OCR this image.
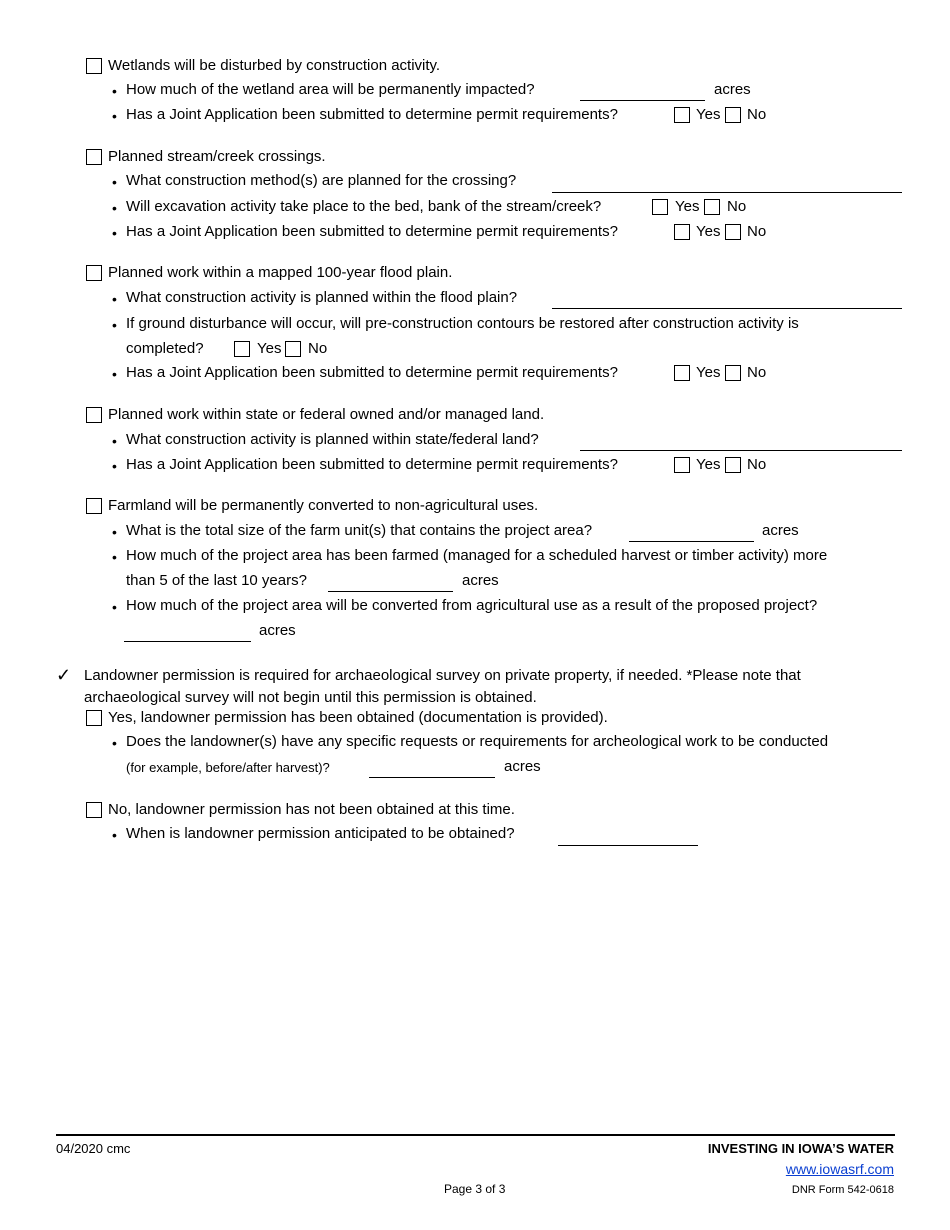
Wetlands will be disturbed by construction activity.
• How much of the wetland area will be permanently impacted?	acres
• Has a Joint Application been submitted to determine permit requirements?	Yes No
Planned stream/creek crossings.
• What construction method(s) are planned for the crossing?
• Will excavation activity take place to the bed, bank of the stream/creek?	Yes No
• Has a Joint Application been submitted to determine permit requirements?	Yes No
Planned work within a mapped 100-year flood plain.
• What construction activity is planned within the flood plain?
• If ground disturbance will occur, will pre-construction contours be restored after construction activity is
completed?	Yes No
• Has a Joint Application been submitted to determine permit requirements?	Yes No
Planned work within state or federal owned and/or managed land.
• What construction activity is planned within state/federal land?
• Has a Joint Application been submitted to determine permit requirements?	Yes No
Farmland will be permanently converted to non-agricultural uses.
• What is the total size of the farm unit(s) that contains the project area?	acres
• How much of the project area has been farmed (managed for a scheduled harvest or timber activity) more
than 5 of the last 10 years?	acres
• How much of the project area will be converted from agricultural use as a result of the proposed project?
acres
✓ Landowner permission is required for archaeological survey on private property, if needed. *Please note that
archaeological survey will not begin until this permission is obtained.
Yes, landowner permission has been obtained (documentation is provided).
• Does the landowner(s) have any specific requests or requirements for archeological work to be conducted
(for example, before/after harvest)?	acres
No, landowner permission has not been obtained at this time.
• When is landowner permission anticipated to be obtained?
04/2020 cmc	INVESTING IN IOWA’S WATER
www.iowasrf.com
Page 3 of 3	DNR Form 542-0618
